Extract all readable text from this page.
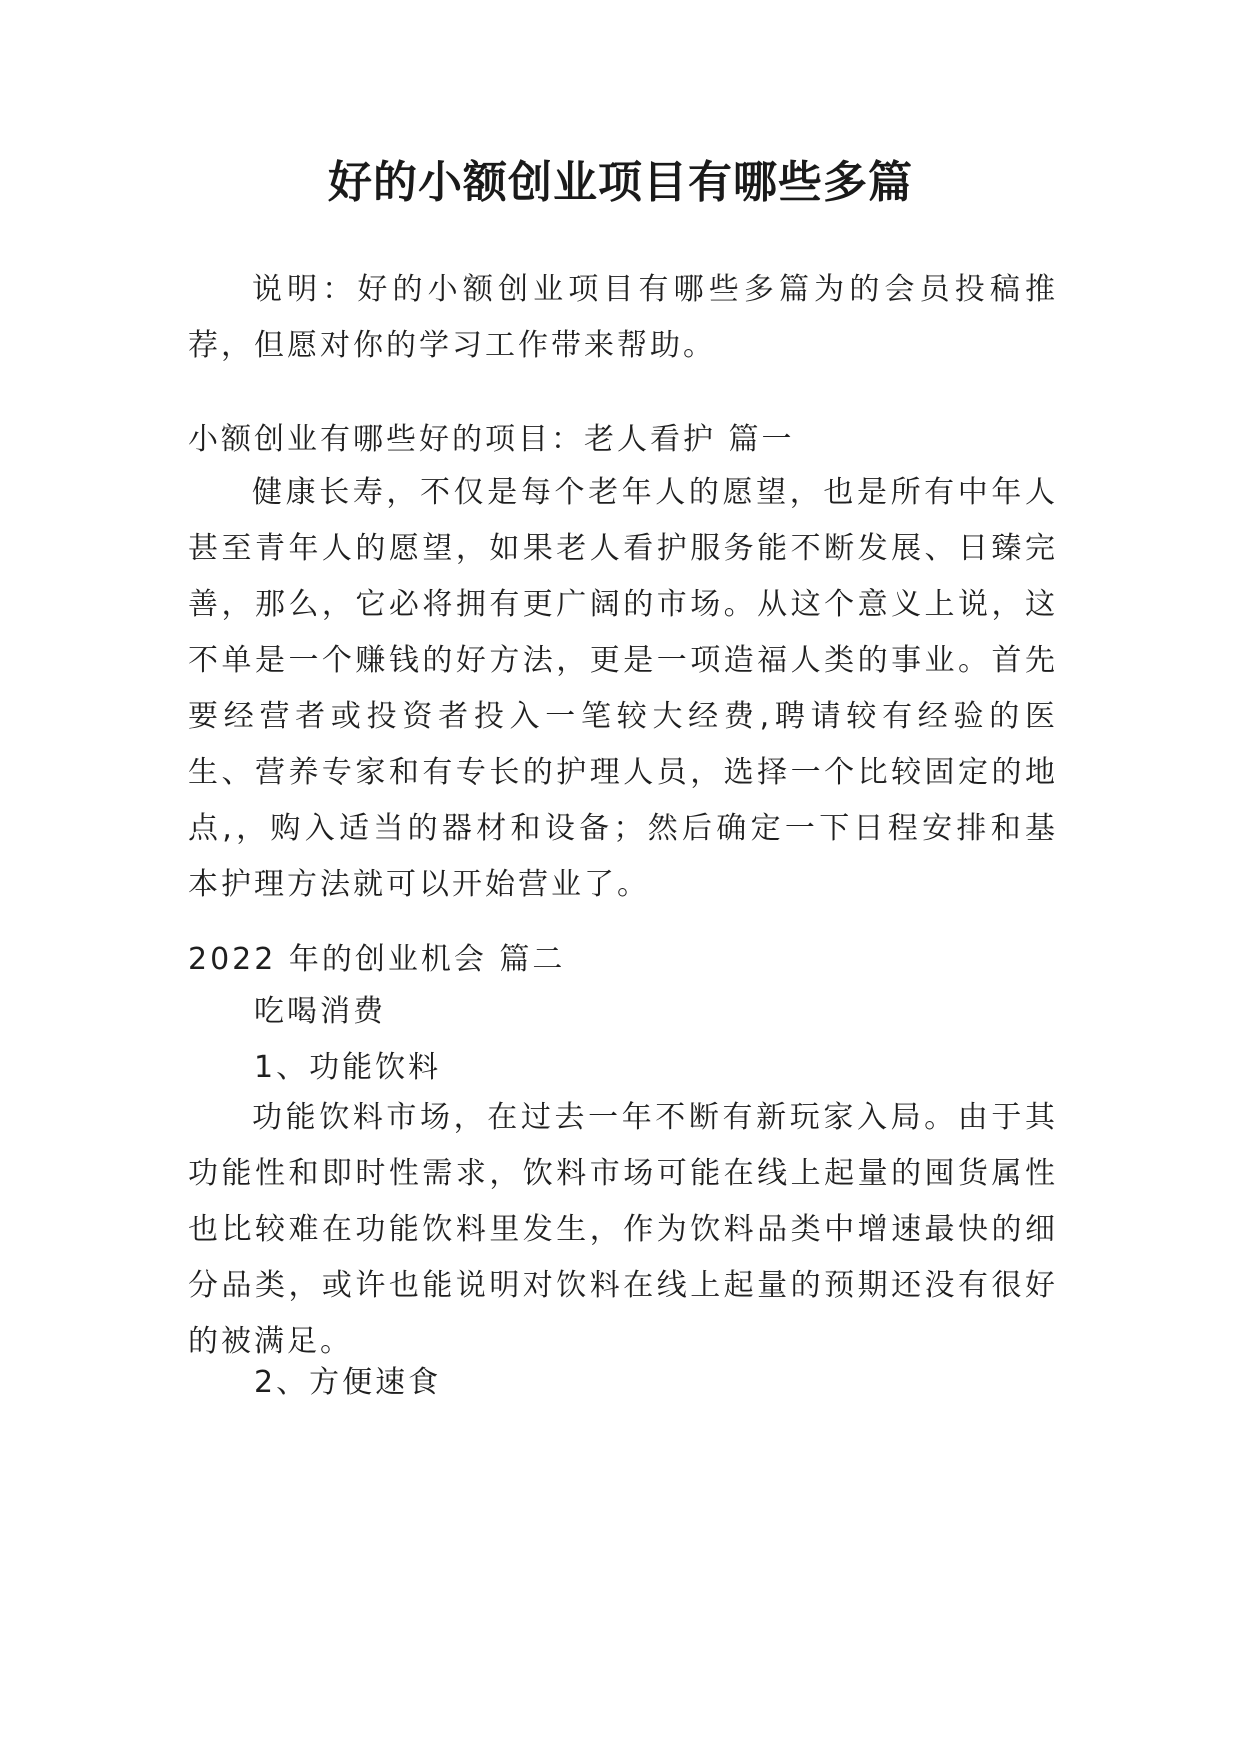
好的小额创业项目有哪些多篇

说明：好的小额创业项目有哪些多篇为的会员投稿推荐，但愿对你的学习工作带来帮助。

小额创业有哪些好的项目：老人看护 篇一

健康长寿，不仅是每个老年人的愿望，也是所有中年人甚至青年人的愿望，如果老人看护服务能不断发展、日臻完善，那么，它必将拥有更广阔的市场。从这个意义上说，这不单是一个赚钱的好方法，更是一项造福人类的事业。首先要经营者或投资者投入一笔较大经费,聘请较有经验的医生、营养专家和有专长的护理人员，选择一个比较固定的地点,，购入适当的器材和设备；然后确定一下日程安排和基本护理方法就可以开始营业了。

2022 年的创业机会 篇二

吃喝消费

1、功能饮料

功能饮料市场，在过去一年不断有新玩家入局。由于其功能性和即时性需求，饮料市场可能在线上起量的囤货属性也比较难在功能饮料里发生，作为饮料品类中增速最快的细分品类，或许也能说明对饮料在线上起量的预期还没有很好的被满足。

2、方便速食
